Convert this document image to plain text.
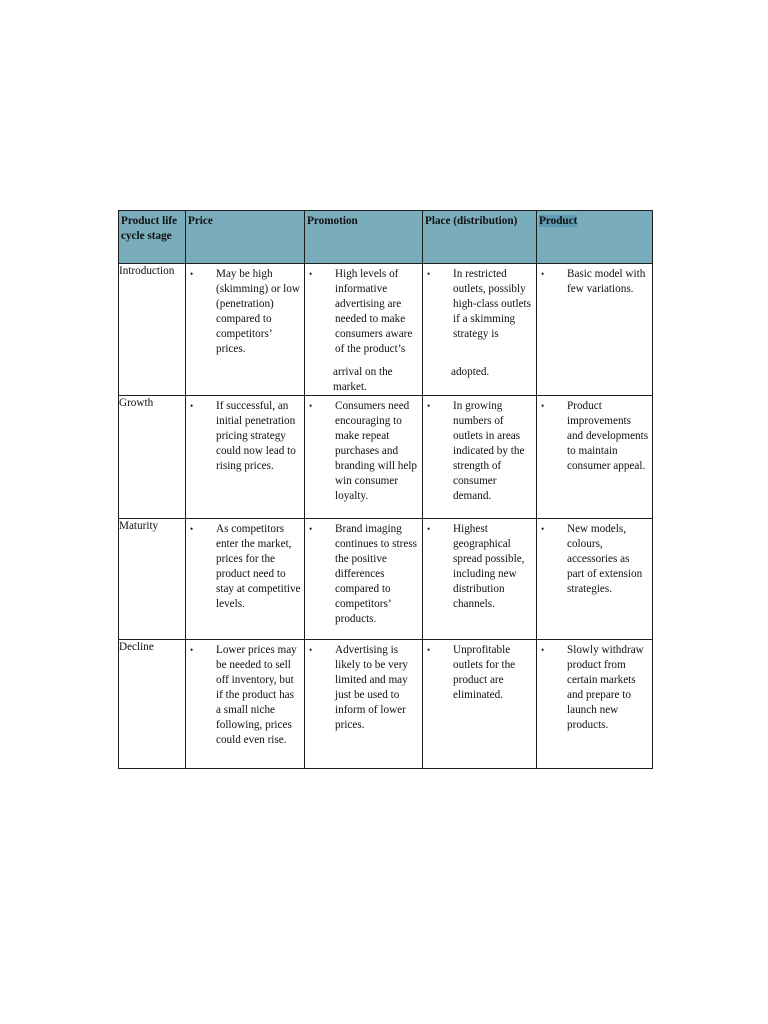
Product life cycle stage	Price	Promotion	Place (distribution)	Product
Introduction	• May be high (skimming) or low (penetration) compared to competitors’ prices.	• High levels of informative advertising are needed to make consumers aware of the product’s	• In restricted outlets, possibly high-class outlets if a skimming strategy is	• Basic model with few variations.

		arrival on the market.	adopted.	

Growth	• If successful, an initial penetration pricing strategy could now lead to rising prices.	• Consumers need encouraging to make repeat purchases and branding will help win consumer loyalty.	• In growing numbers of outlets in areas indicated by the strength of consumer demand.	• Product improvements and developments to maintain consumer appeal.

Maturity	• As competitors enter the market, prices for the product need to stay at competitive levels.	• Brand imaging continues to stress the positive differences compared to competitors’ products.	• Highest geographical spread possible, including new distribution channels.	• New models, colours, accessories as part of extension strategies.

Decline	• Lower prices may be needed to sell off inventory, but if the product has a small niche following, prices could even rise.	• Advertising is likely to be very limited and may just be used to inform of lower prices.	• Unprofitable outlets for the product are eliminated.	• Slowly withdraw product from certain markets and prepare to launch new products.
